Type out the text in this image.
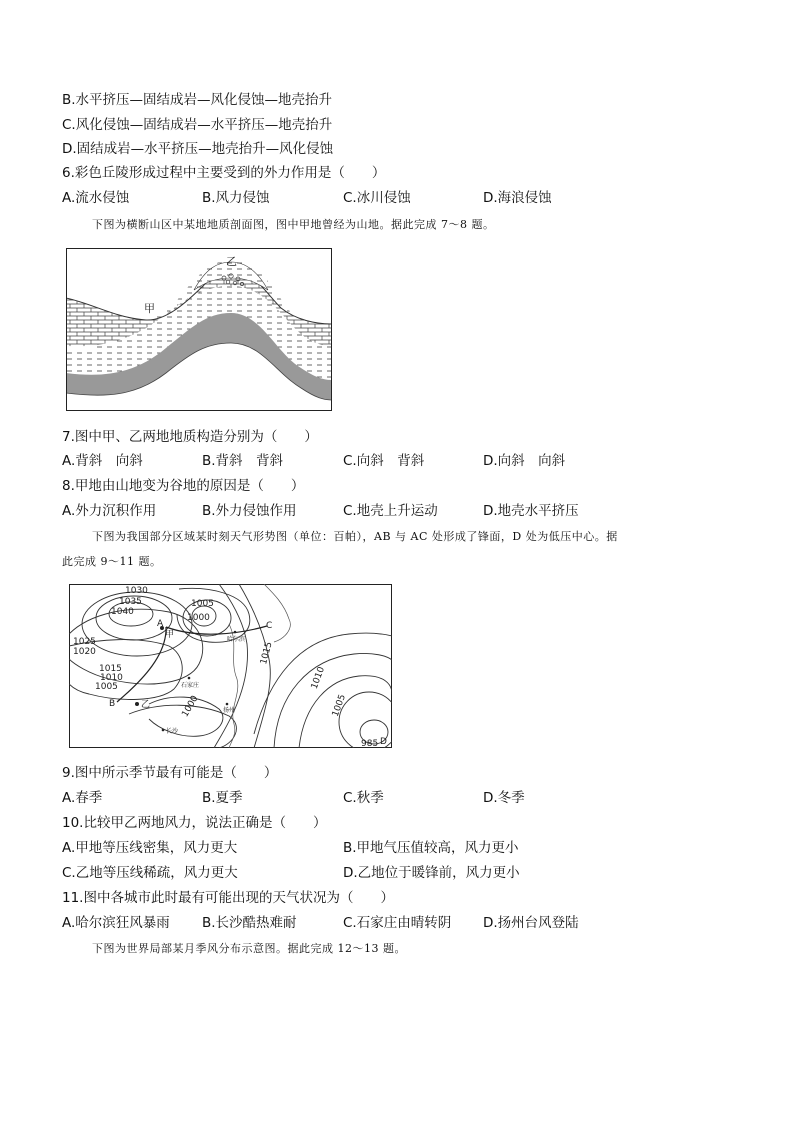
B.水平挤压—固结成岩—风化侵蚀—地壳抬升
C.风化侵蚀—固结成岩—水平挤压—地壳抬升
D.固结成岩—水平挤压—地壳抬升—风化侵蚀
6.彩色丘陵形成过程中主要受到的外力作用是（　　）
A.流水侵蚀	B.风力侵蚀	C.冰川侵蚀	D.海浪侵蚀
下图为横断山区中某地地质剖面图，图中甲地曾经为山地。据此完成 7～8 题。
甲
乙
7.图中甲、乙两地地质构造分别为（　　）
A.背斜　向斜	B.背斜　背斜	C.向斜　背斜	D.向斜　向斜
8.甲地由山地变为谷地的原因是（　　）
A.外力沉积作用	B.外力侵蚀作用	C.地壳上升运动	D.地壳水平挤压
下图为我国部分区域某时刻天气形势图（单位：百帕），AB 与 AC 处形成了锋面，D 处为低压中心。据
此完成 9～11 题。
1030
1035
1040
1025
1020
1015
1010
1005
1005
1000
1000
1015
1010
1005
985
A
甲
B	乙
C
D
哈尔滨
石家庄
扬州
长沙
9.图中所示季节最有可能是（　　）
A.春季	B.夏季	C.秋季	D.冬季
10.比较甲乙两地风力，说法正确是（　　）
A.甲地等压线密集，风力更大	B.甲地气压值较高，风力更小
C.乙地等压线稀疏，风力更大	D.乙地位于暖锋前，风力更小
11.图中各城市此时最有可能出现的天气状况为（　　）
A.哈尔滨狂风暴雨 B.长沙酷热难耐	C.石家庄由晴转阴 D.扬州台风登陆
下图为世界局部某月季风分布示意图。据此完成 12～13 题。
